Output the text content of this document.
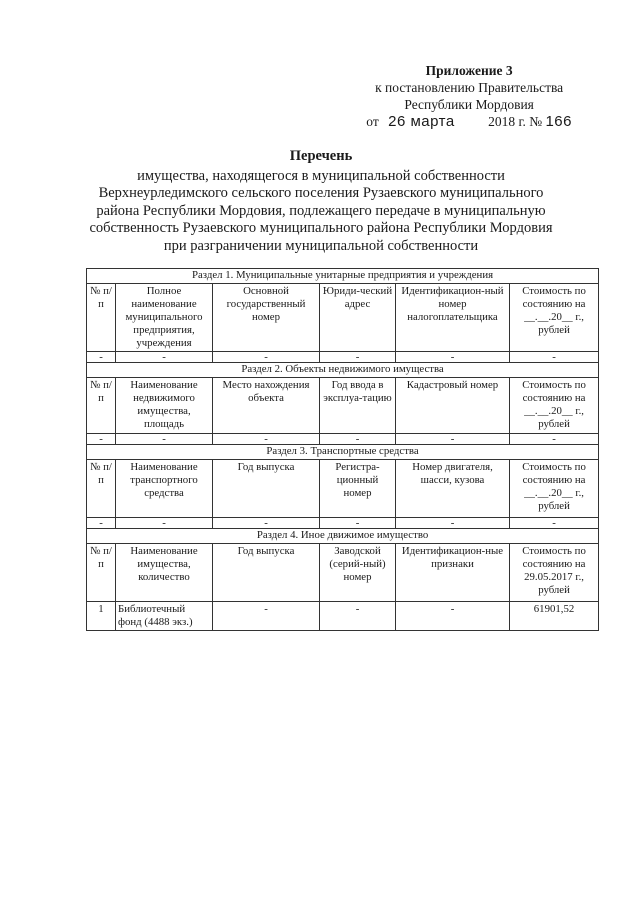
Приложение 3
к постановлению Правительства
Республики Мордовия
от 26 марта 2018 г. № 166
Перечень
имущества, находящегося в муниципальной собственности Верхнеурледимского сельского поселения Рузаевского муниципального района Республики Мордовия, подлежащего передаче в муниципальную собственность Рузаевского муниципального района Республики Мордовия при разграничении муниципальной собственности
Раздел 1. Муниципальные унитарные предприятия и учреждения					
№ п/п	Полное наименование муниципального предприятия, учреждения	Основной государственный номер	Юриди-ческий адрес	Идентификацион-ный номер налогоплательщика	Стоимость по состоянию на __.__.20__ г., рублей
-	-	-	-	-	-
Раздел 2. Объекты недвижимого имущества					
№ п/п	Наименование недвижимого имущества, площадь	Место нахождения объекта	Год ввода в эксплуа-тацию	Кадастровый номер	Стоимость по состоянию на __.__.20__ г., рублей
-	-	-	-	-	-
Раздел 3. Транспортные средства					
№ п/п	Наименование транспортного средства	Год выпуска	Регистра-ционный номер	Номер двигателя, шасси, кузова	Стоимость по состоянию на __.__.20__ г., рублей
-	-	-	-	-	-
Раздел 4. Иное движимое имущество					
№ п/п	Наименование имущества, количество	Год выпуска	Заводской (серий-ный) номер	Идентификацион-ные признаки	Стоимость по состоянию на 29.05.2017 г., рублей
1	Библиотечный фонд (4488 экз.)	-	-	-	61901,52
